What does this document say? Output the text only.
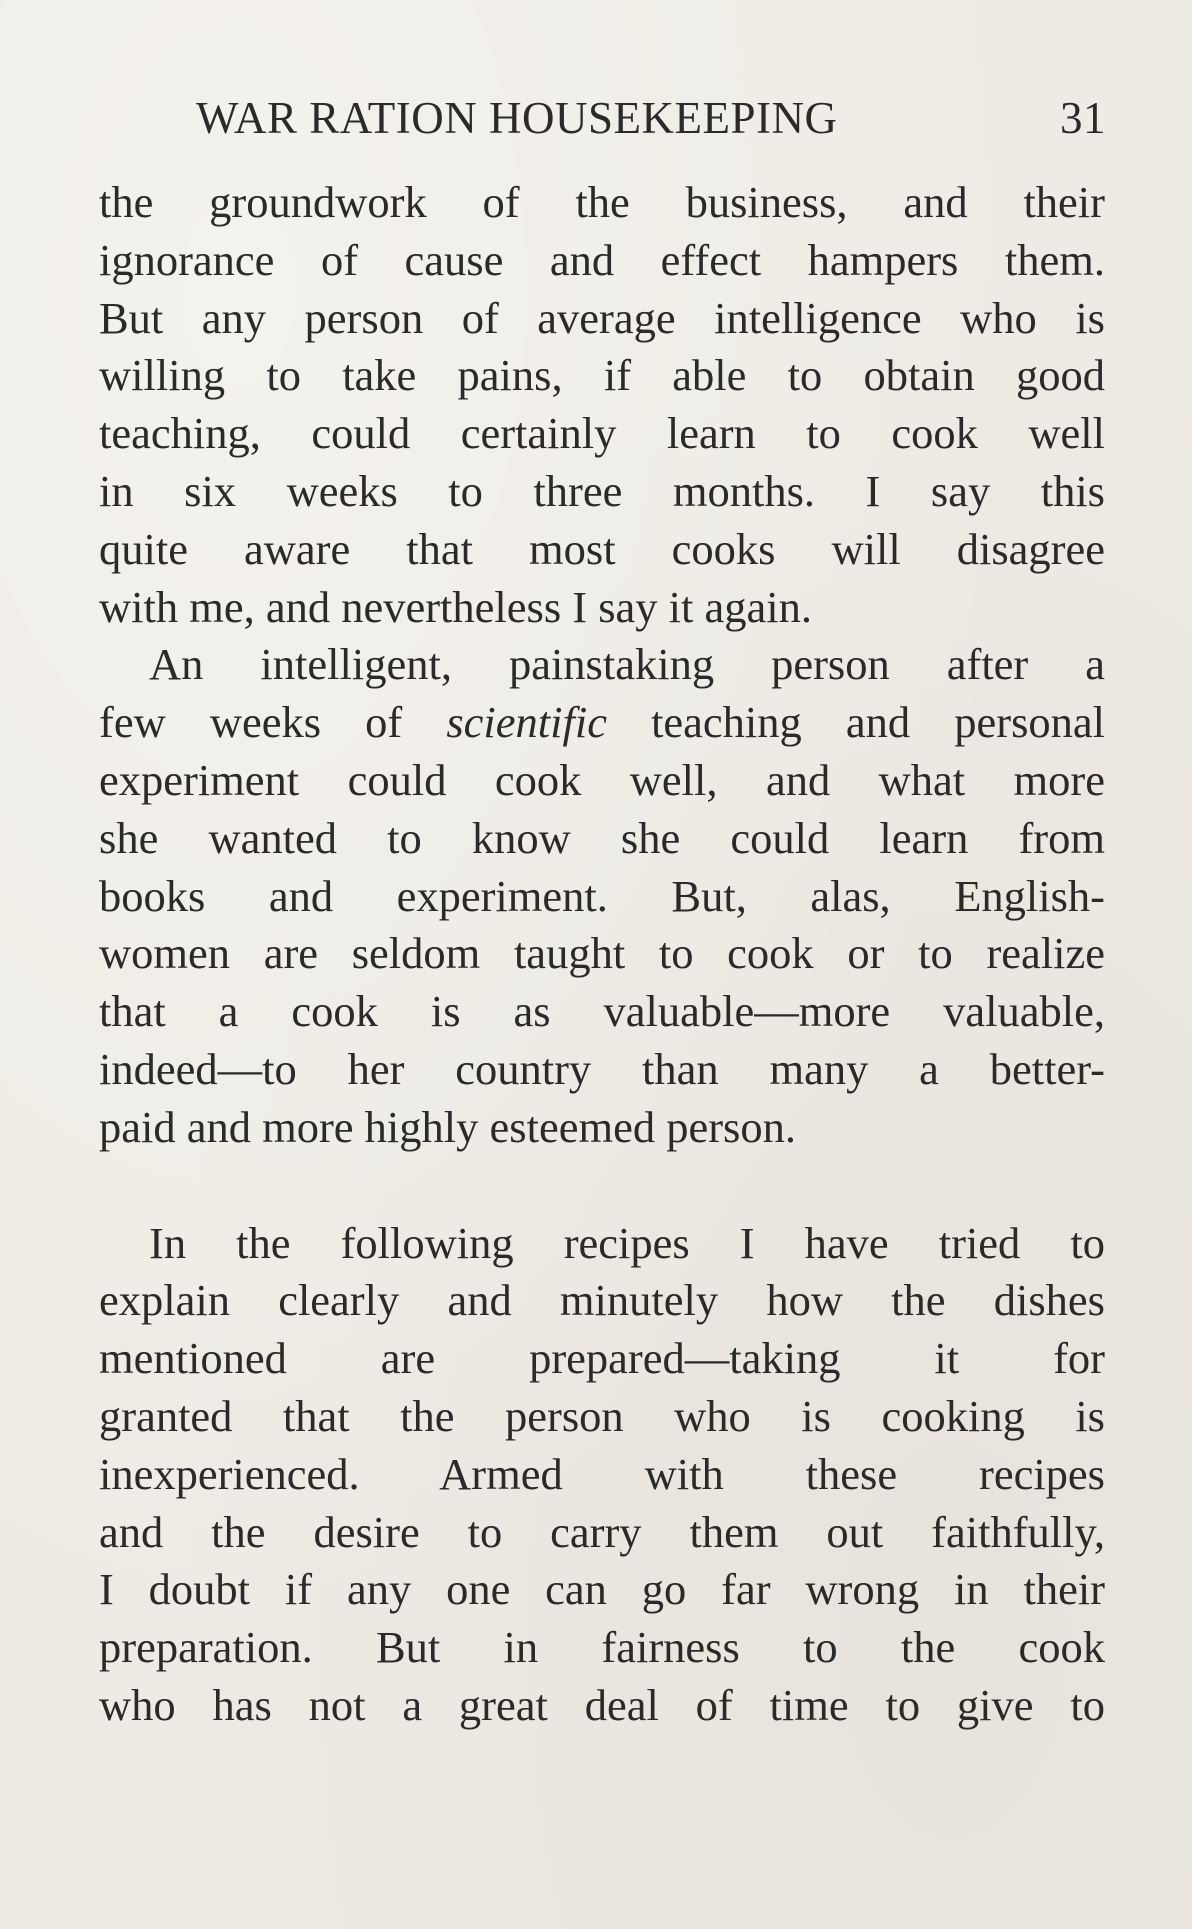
WAR RATION HOUSEKEEPING	31

the groundwork of the business, and their
ignorance of cause and effect hampers them.
But any person of average intelligence who is
willing to take pains, if able to obtain good
teaching, could certainly learn to cook well
in six weeks to three months. I say this
quite aware that most cooks will disagree
with me, and nevertheless I say it again.

An intelligent, painstaking person after a
few weeks of scientific teaching and personal
experiment could cook well, and what more
she wanted to know she could learn from
books and experiment. But, alas, English-
women are seldom taught to cook or to realize
that a cook is as valuable—more valuable,
indeed—to her country than many a better-
paid and more highly esteemed person.

In the following recipes I have tried to
explain clearly and minutely how the dishes
mentioned are prepared—taking it for
granted that the person who is cooking is
inexperienced. Armed with these recipes
and the desire to carry them out faithfully,
I doubt if any one can go far wrong in their
preparation. But in fairness to the cook
who has not a great deal of time to give to
